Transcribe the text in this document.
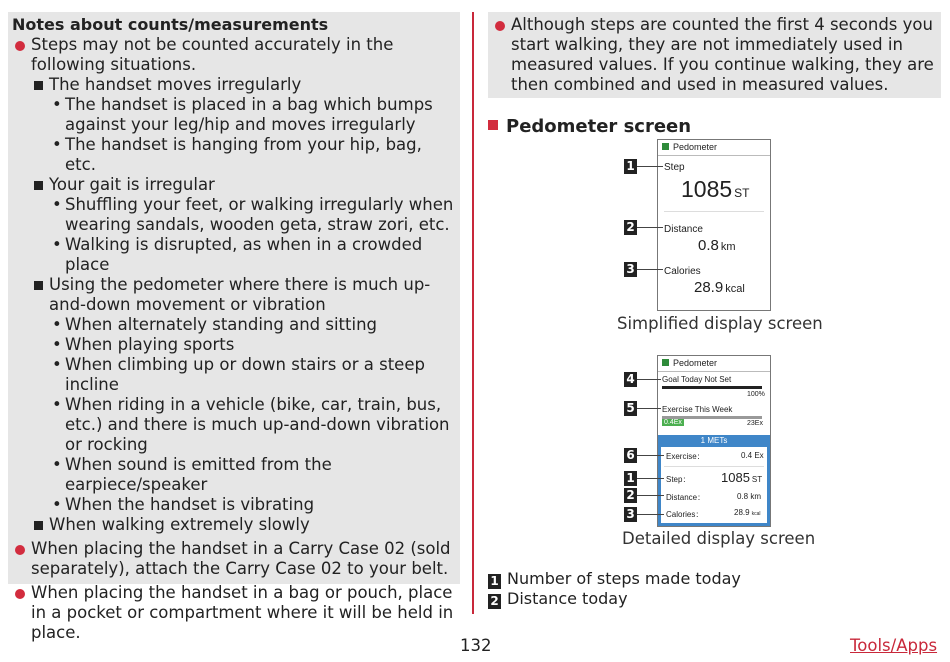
Notes about counts/measurements
Steps may not be counted accurately in the following situations.
The handset moves irregularly
• The handset is placed in a bag which bumps against your leg/hip and moves irregularly
• The handset is hanging from your hip, bag, etc.
Your gait is irregular
• Shuffling your feet, or walking irregularly when wearing sandals, wooden geta, straw zori, etc.
• Walking is disrupted, as when in a crowded place
Using the pedometer where there is much up-and-down movement or vibration
• When alternately standing and sitting
• When playing sports
• When climbing up or down stairs or a steep incline
• When riding in a vehicle (bike, car, train, bus, etc.) and there is much up-and-down vibration or rocking
• When sound is emitted from the earpiece/speaker
• When the handset is vibrating
When walking extremely slowly
When placing the handset in a Carry Case 02 (sold separately), attach the Carry Case 02 to your belt.
When placing the handset in a bag or pouch, place in a pocket or compartment where it will be held in place.
Although steps are counted the first 4 seconds you start walking, they are not immediately used in measured values. If you continue walking, they are then combined and used in measured values.
Pedometer screen
Pedometer
Step
1085 ST
Distance
0.8 km
Calories
28.9 kcal
1
2
3
Simplified display screen
Pedometer
Goal Today Not Set
100%
Exercise This Week
0.4Ex	23Ex
1 METs
Exercise：	0.4 Ex
Step： 1085 ST
Distance：	0.8 km
Calories：	28.9 kcal
4
5
6
1
2
3
Detailed display screen
1 Number of steps made today
2 Distance today
132	Tools/Apps
